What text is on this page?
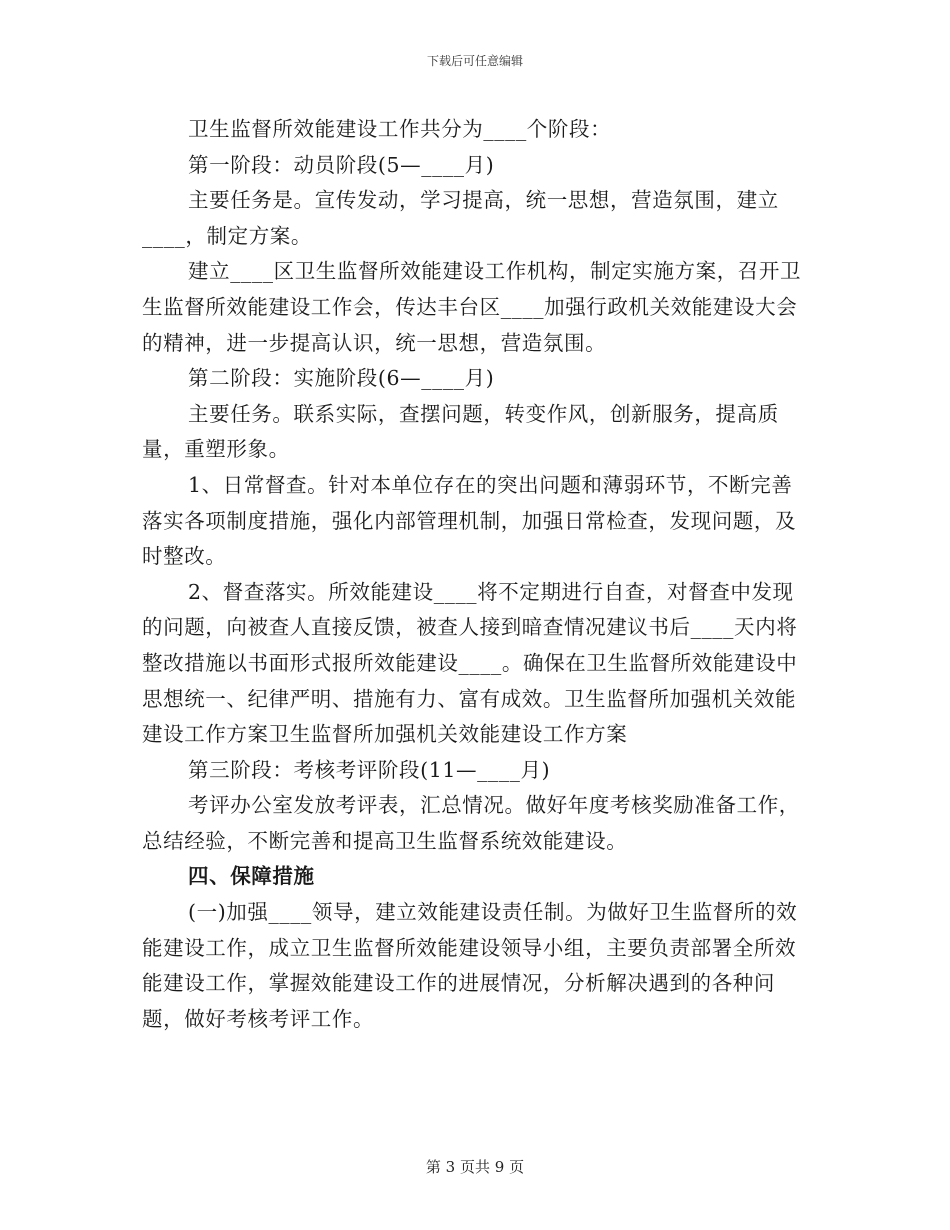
下载后可任意编辑

卫生监督所效能建设工作共分为____个阶段：

第一阶段：动员阶段(5—____月)

主要任务是。宣传发动，学习提高，统一思想，营造氛围，建立____，制定方案。

建立____区卫生监督所效能建设工作机构，制定实施方案，召开卫生监督所效能建设工作会，传达丰台区____加强行政机关效能建设大会的精神，进一步提高认识，统一思想，营造氛围。

第二阶段：实施阶段(6—____月)

主要任务。联系实际，查摆问题，转变作风，创新服务，提高质量，重塑形象。

1、日常督查。针对本单位存在的突出问题和薄弱环节，不断完善落实各项制度措施，强化内部管理机制，加强日常检查，发现问题，及时整改。

2、督查落实。所效能建设____将不定期进行自查，对督查中发现的问题，向被查人直接反馈，被查人接到暗查情况建议书后____天内将整改措施以书面形式报所效能建设____。确保在卫生监督所效能建设中思想统一、纪律严明、措施有力、富有成效。卫生监督所加强机关效能建设工作方案卫生监督所加强机关效能建设工作方案

第三阶段：考核考评阶段(11—____月)

考评办公室发放考评表，汇总情况。做好年度考核奖励准备工作，总结经验，不断完善和提高卫生监督系统效能建设。

四、保障措施

(一)加强____领导，建立效能建设责任制。为做好卫生监督所的效能建设工作，成立卫生监督所效能建设领导小组，主要负责部署全所效能建设工作，掌握效能建设工作的进展情况，分析解决遇到的各种问题，做好考核考评工作。

第 3 页共 9 页
